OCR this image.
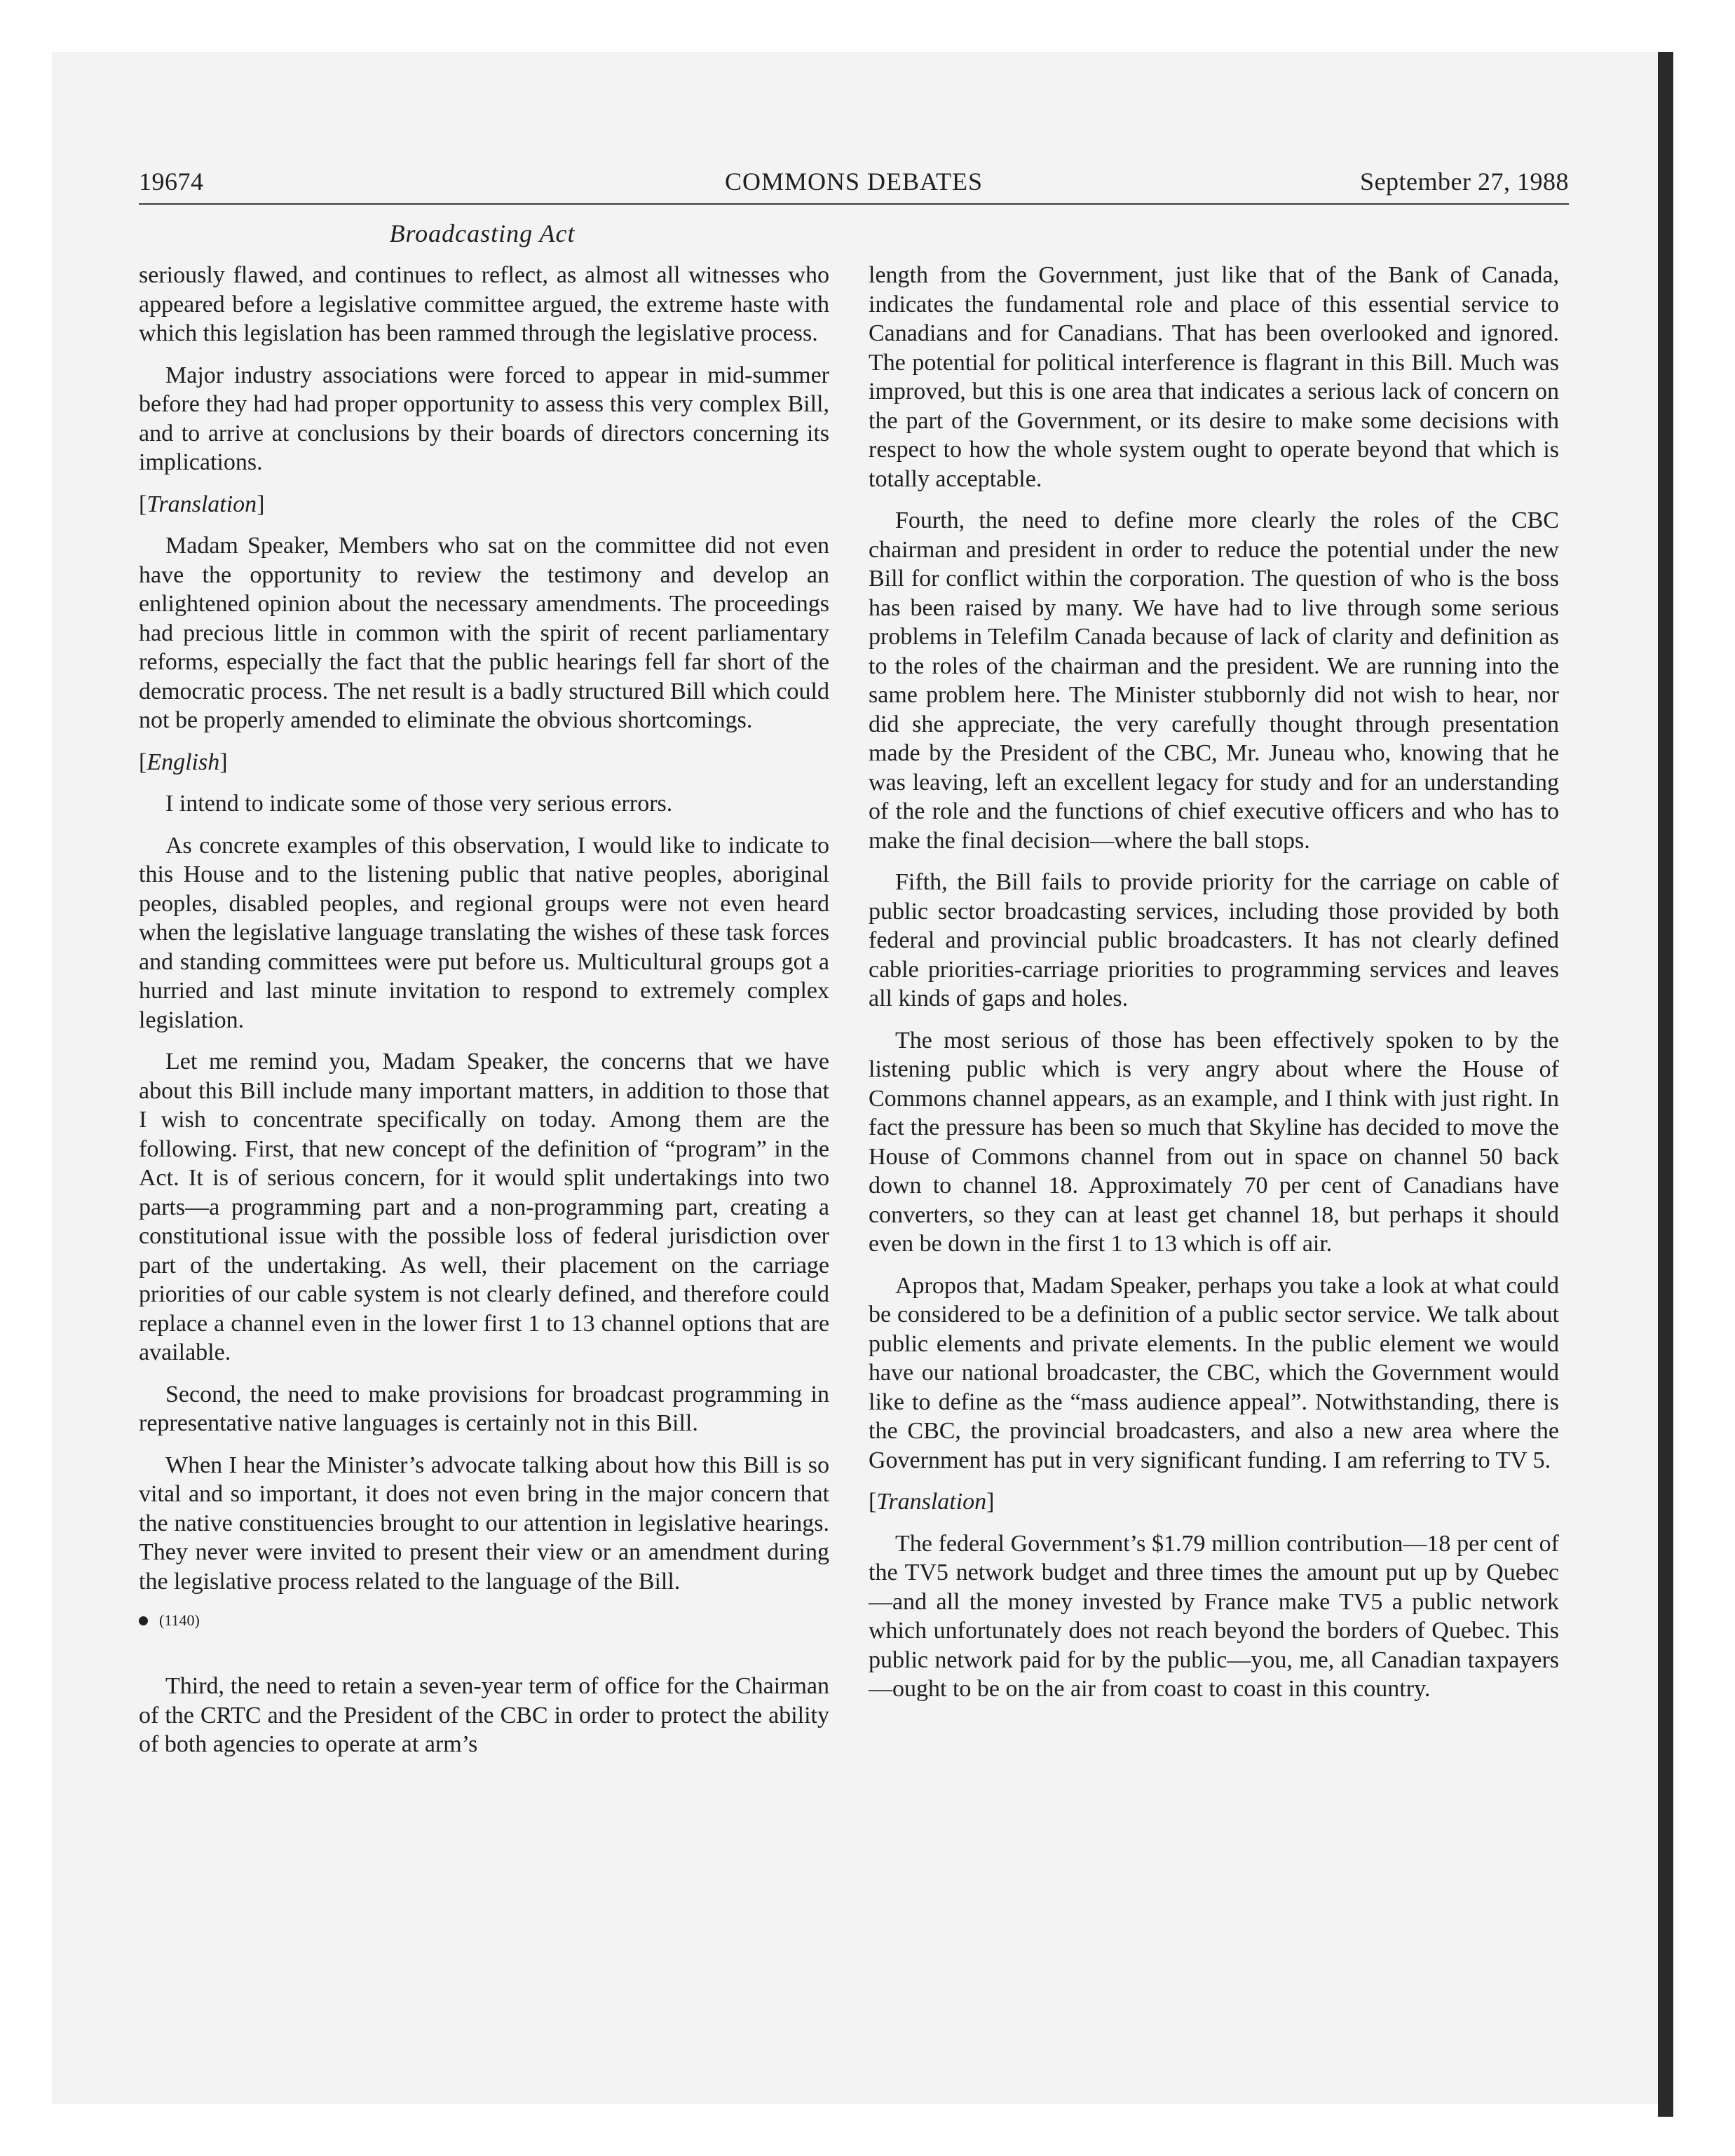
19674	COMMONS DEBATES	September 27, 1988
Broadcasting Act

seriously flawed, and continues to reflect, as almost all witnesses who appeared before a legislative committee argued, the extreme haste with which this legislation has been rammed through the legislative process.

Major industry associations were forced to appear in mid-summer before they had had proper opportunity to assess this very complex Bill, and to arrive at conclusions by their boards of directors concerning its implications.

[Translation]

Madam Speaker, Members who sat on the committee did not even have the opportunity to review the testimony and develop an enlightened opinion about the necessary amendments. The proceedings had precious little in common with the spirit of recent parliamentary reforms, especially the fact that the public hearings fell far short of the democratic process. The net result is a badly structured Bill which could not be properly amended to eliminate the obvious shortcomings.

[English]

I intend to indicate some of those very serious errors.

As concrete examples of this observation, I would like to indicate to this House and to the listening public that native peoples, aboriginal peoples, disabled peoples, and regional groups were not even heard when the legislative language translating the wishes of these task forces and standing committees were put before us. Multicultural groups got a hurried and last minute invitation to respond to extremely complex legislation.

Let me remind you, Madam Speaker, the concerns that we have about this Bill include many important matters, in addition to those that I wish to concentrate specifically on today. Among them are the following. First, that new concept of the definition of “program” in the Act. It is of serious concern, for it would split undertakings into two parts—a programming part and a non-programming part, creating a constitutional issue with the possible loss of federal jurisdiction over part of the undertaking. As well, their placement on the carriage priorities of our cable system is not clearly defined, and therefore could replace a channel even in the lower first 1 to 13 channel options that are available.

Second, the need to make provisions for broadcast programming in representative native languages is certainly not in this Bill.

When I hear the Minister’s advocate talking about how this Bill is so vital and so important, it does not even bring in the major concern that the native constituencies brought to our attention in legislative hearings. They never were invited to present their view or an amendment during the legislative process related to the language of the Bill.

(1140)

Third, the need to retain a seven-year term of office for the Chairman of the CRTC and the President of the CBC in order to protect the ability of both agencies to operate at arm’s

length from the Government, just like that of the Bank of Canada, indicates the fundamental role and place of this essential service to Canadians and for Canadians. That has been overlooked and ignored. The potential for political interference is flagrant in this Bill. Much was improved, but this is one area that indicates a serious lack of concern on the part of the Government, or its desire to make some decisions with respect to how the whole system ought to operate beyond that which is totally acceptable.

Fourth, the need to define more clearly the roles of the CBC chairman and president in order to reduce the potential under the new Bill for conflict within the corporation. The question of who is the boss has been raised by many. We have had to live through some serious problems in Telefilm Canada because of lack of clarity and definition as to the roles of the chairman and the president. We are running into the same problem here. The Minister stubbornly did not wish to hear, nor did she appreciate, the very carefully thought through presentation made by the President of the CBC, Mr. Juneau who, knowing that he was leaving, left an excellent legacy for study and for an understanding of the role and the functions of chief executive officers and who has to make the final decision—where the ball stops.

Fifth, the Bill fails to provide priority for the carriage on cable of public sector broadcasting services, including those provided by both federal and provincial public broadcasters. It has not clearly defined cable priorities-carriage priorities to programming services and leaves all kinds of gaps and holes.

The most serious of those has been effectively spoken to by the listening public which is very angry about where the House of Commons channel appears, as an example, and I think with just right. In fact the pressure has been so much that Skyline has decided to move the House of Commons channel from out in space on channel 50 back down to channel 18. Approximately 70 per cent of Canadians have converters, so they can at least get channel 18, but perhaps it should even be down in the first 1 to 13 which is off air.

Apropos that, Madam Speaker, perhaps you take a look at what could be considered to be a definition of a public sector service. We talk about public elements and private elements. In the public element we would have our national broadcaster, the CBC, which the Government would like to define as the “mass audience appeal”. Notwithstanding, there is the CBC, the provincial broadcasters, and also a new area where the Government has put in very significant funding. I am referring to TV 5.

[Translation]

The federal Government’s $1.79 million contribution—18 per cent of the TV5 network budget and three times the amount put up by Quebec—and all the money invested by France make TV5 a public network which unfortunately does not reach beyond the borders of Quebec. This public network paid for by the public—you, me, all Canadian taxpayers—ought to be on the air from coast to coast in this country.
